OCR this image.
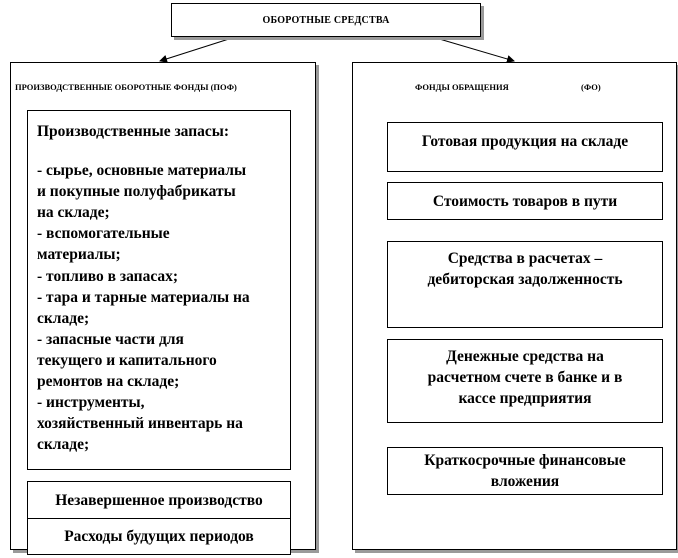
ОБОРОТНЫЕ СРЕДСТВА
ПРОИЗВОДСТВЕННЫЕ ОБОРОТНЫЕ ФОНДЫ (ПОФ)	ФОНДЫ ОБРАЩЕНИЯ	(ФО)
Производственные запасы:
- сырье, основные материалы
и покупные полуфабрикаты
на складе;
- вспомогательные
материалы;
- топливо в запасах;
- тара и тарные материалы на
складе;
- запасные части для
текущего и капитального
ремонтов на складе;
- инструменты,
хозяйственный инвентарь на
складе;
Незавершенное производство
Расходы будущих периодов
Готовая продукция на складе
Стоимость товаров в пути
Средства в расчетах –
дебиторская задолженность
Денежные средства на
расчетном счете в банке и в
кассе предприятия
Краткосрочные финансовые
вложения
